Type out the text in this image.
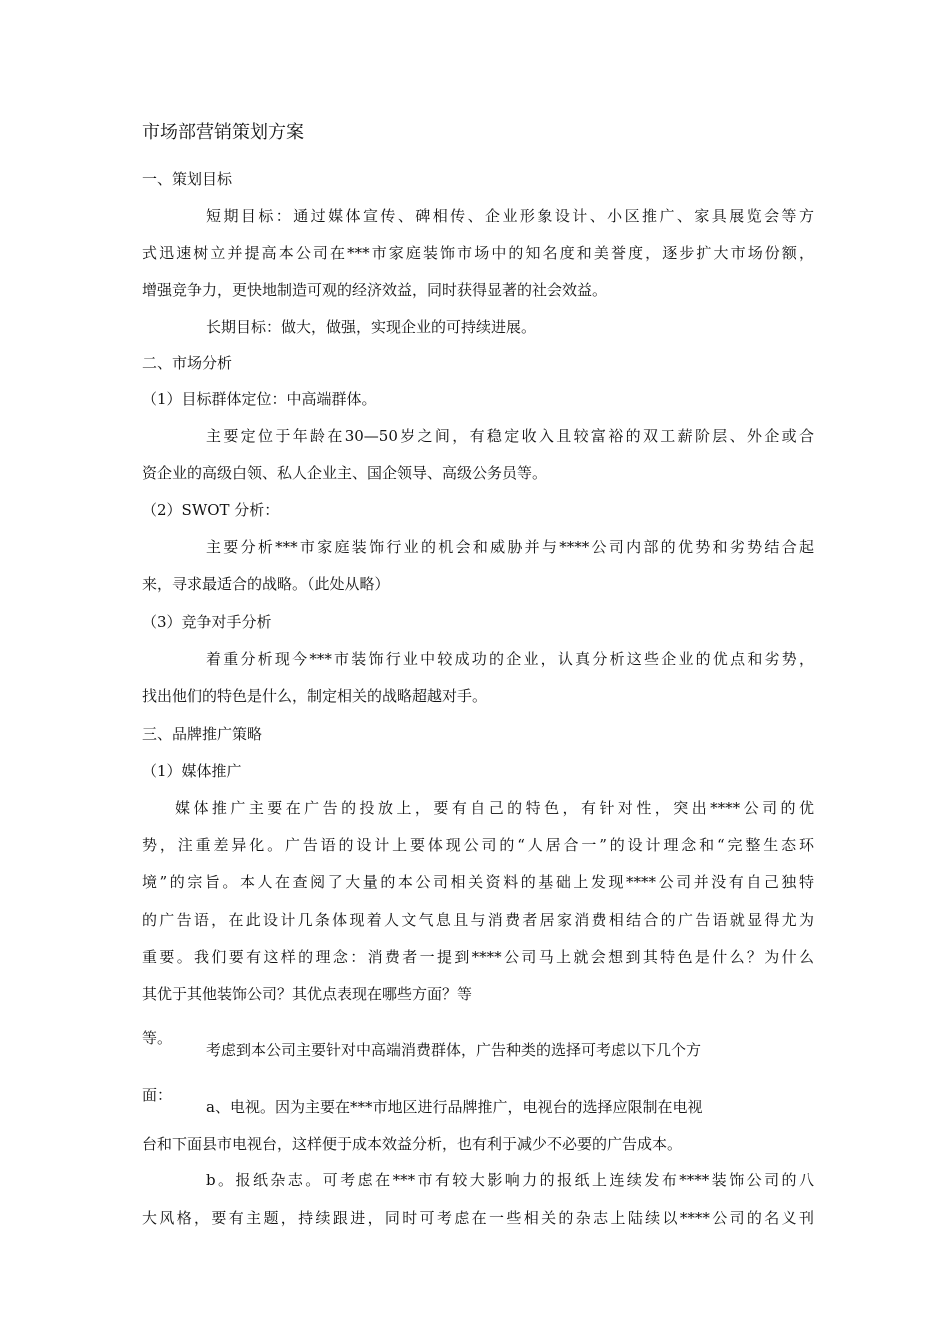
市场部营销策划方案
一、策划目标
短期目标：通过媒体宣传、碑相传、企业形象设计、小区推广、家具展览会等方
式迅速树立并提高本公司在***市家庭装饰市场中的知名度和美誉度，逐步扩大市场份额，
增强竞争力，更快地制造可观的经济效益，同时获得显著的社会效益。
长期目标：做大，做强，实现企业的可持续进展。
二、市场分析
（1）目标群体定位：中高端群体。
主要定位于年龄在30—50岁之间，有稳定收入且较富裕的双工薪阶层、外企或合
资企业的高级白领、私人企业主、国企领导、高级公务员等。
（2）SWOT 分析：
主要分析***市家庭装饰行业的机会和威胁并与****公司内部的优势和劣势结合起
来，寻求最适合的战略。（此处从略）
（3）竞争对手分析
着重分析现今***市装饰行业中较成功的企业，认真分析这些企业的优点和劣势，
找出他们的特色是什么，制定相关的战略超越对手。
三、品牌推广策略
（1）媒体推广
媒体推广主要在广告的投放上，要有自己的特色，有针对性，突出****公司的优
势，注重差异化。广告语的设计上要体现公司的“人居合一”的设计理念和“完整生态环
境”的宗旨。本人在查阅了大量的本公司相关资料的基础上发现****公司并没有自己独特
的广告语，在此设计几条体现着人文气息且与消费者居家消费相结合的广告语就显得尤为
重要。我们要有这样的理念：消费者一提到****公司马上就会想到其特色是什么？为什么
其优于其他装饰公司？其优点表现在哪些方面？等
等。
考虑到本公司主要针对中高端消费群体，广告种类的选择可考虑以下几个方
面：
a、电视。因为主要在***市地区进行品牌推广，电视台的选择应限制在电视
台和下面县市电视台，这样便于成本效益分析，也有利于减少不必要的广告成本。
b。报纸杂志。可考虑在***市有较大影响力的报纸上连续发布****装饰公司的八
大风格，要有主题，持续跟进，同时可考虑在一些相关的杂志上陆续以****公司的名义刊
